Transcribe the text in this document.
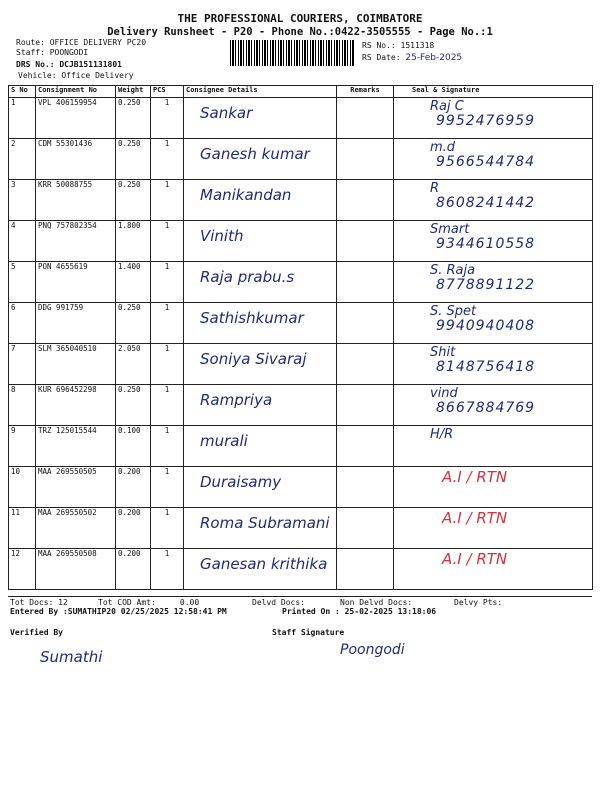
THE PROFESSIONAL COURIERS, COIMBATORE
Delivery Runsheet - P20 - Phone No.:0422-3505555 - Page No.:1
Route: OFFICE DELIVERY PC20
Staff: POONGODI
DRS No.: DCJB151131801
Vehicle: Office Delivery
RS No.: 1511318
RS Date: 25-Feb-2025
S No	Consignment No	Weight	PCS	Consignee Details	Remarks	Seal & Signature
1	VPL 406159954	0.250	1	Sankar		Raj C
9952476959

2	CDM 55301436	0.250	1	Ganesh kumar		m.d
9566544784

3	KRR 50088755	0.250	1	Manikandan		R
8608241442

4	PNQ 757802354	1.800	1	Vinith		Smart
9344610558

5	PON 4655619	1.400	1	Raja prabu.s		S. Raja
8778891122

6	DDG 991759	0.250	1	Sathishkumar		S. Spet
9940940408

7	SLM 365040510	2.050	1	Soniya Sivaraj		Shit
8148756418

8	KUR 696452298	0.250	1	Rampriya		vind
8667884769

9	TRZ 125015544	0.100	1	murali		H/R

10	MAA 269550505	0.200	1	Duraisamy		A.I / RTN

11	MAA 269550502	0.200	1	Roma Subramani		A.I / RTN

12	MAA 269550508	0.200	1	Ganesan krithika		A.I / RTN
Tot Docs: 12	Tot COD Amt:     0.00	Delvd Docs:	Non Delvd Docs:	Delvy Pts:
Entered By :SUMATHIP20 02/25/2025 12:58:41 PM	Printed On : 25-02-2025 13:18:06
Verified By	Staff Signature
Sumathi	Poongodi
